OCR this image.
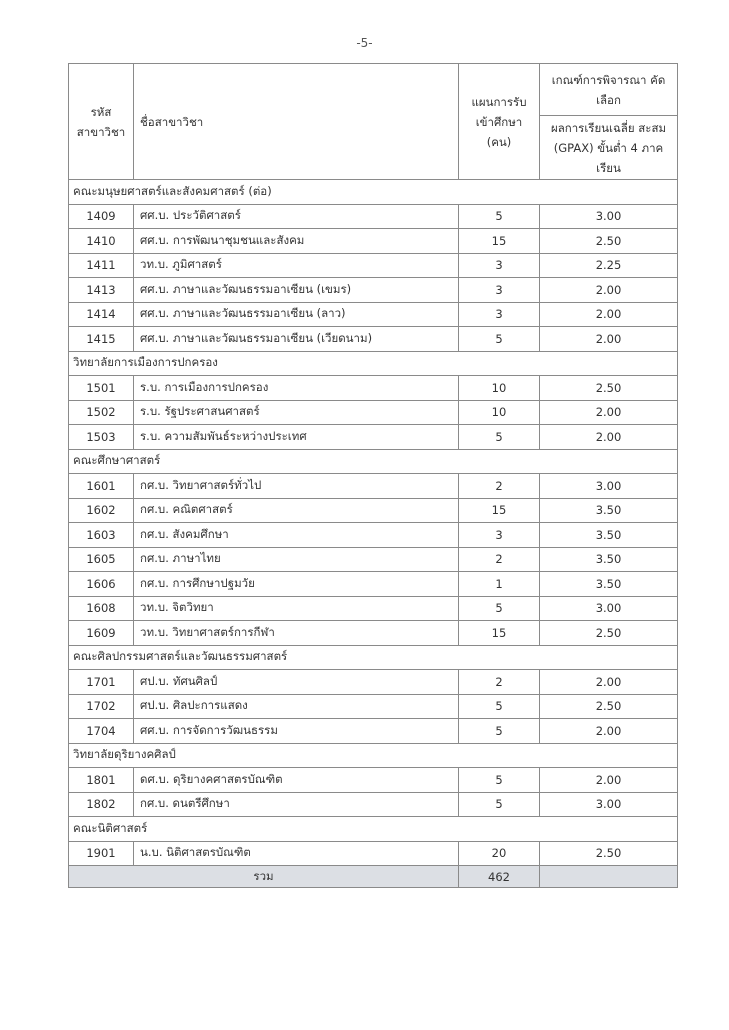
-5-
รหัส สาขาวิชา	ชื่อสาขาวิชา	แผนการรับ เข้าศึกษา (คน)	เกณฑ์การพิจารณา คัดเลือก
			ผลการเรียนเฉลี่ย สะสม (GPAX) ขั้นต่ำ 4 ภาคเรียน
คณะมนุษยศาสตร์และสังคมศาสตร์ (ต่อ)			
1409	ศศ.บ. ประวัติศาสตร์	5	3.00
1410	ศศ.บ. การพัฒนาชุมชนและสังคม	15	2.50
1411	วท.บ. ภูมิศาสตร์	3	2.25
1413	ศศ.บ. ภาษาและวัฒนธรรมอาเซียน (เขมร)	3	2.00
1414	ศศ.บ. ภาษาและวัฒนธรรมอาเซียน (ลาว)	3	2.00
1415	ศศ.บ. ภาษาและวัฒนธรรมอาเซียน (เวียดนาม)	5	2.00
วิทยาลัยการเมืองการปกครอง			
1501	ร.บ. การเมืองการปกครอง	10	2.50
1502	ร.บ. รัฐประศาสนศาสตร์	10	2.00
1503	ร.บ. ความสัมพันธ์ระหว่างประเทศ	5	2.00
คณะศึกษาศาสตร์			
1601	กศ.บ. วิทยาศาสตร์ทั่วไป	2	3.00
1602	กศ.บ. คณิตศาสตร์	15	3.50
1603	กศ.บ. สังคมศึกษา	3	3.50
1605	กศ.บ. ภาษาไทย	2	3.50
1606	กศ.บ. การศึกษาปฐมวัย	1	3.50
1608	วท.บ. จิตวิทยา	5	3.00
1609	วท.บ. วิทยาศาสตร์การกีฬา	15	2.50
คณะศิลปกรรมศาสตร์และวัฒนธรรมศาสตร์			
1701	ศป.บ. ทัศนศิลป์	2	2.00
1702	ศป.บ. ศิลปะการแสดง	5	2.50
1704	ศศ.บ. การจัดการวัฒนธรรม	5	2.00
วิทยาลัยดุริยางคศิลป์			
1801	ดศ.บ. ดุริยางคศาสตรบัณฑิต	5	2.00
1802	กศ.บ. ดนตรีศึกษา	5	3.00
คณะนิติศาสตร์			
1901	น.บ. นิติศาสตรบัณฑิต	20	2.50
รวม		462	
